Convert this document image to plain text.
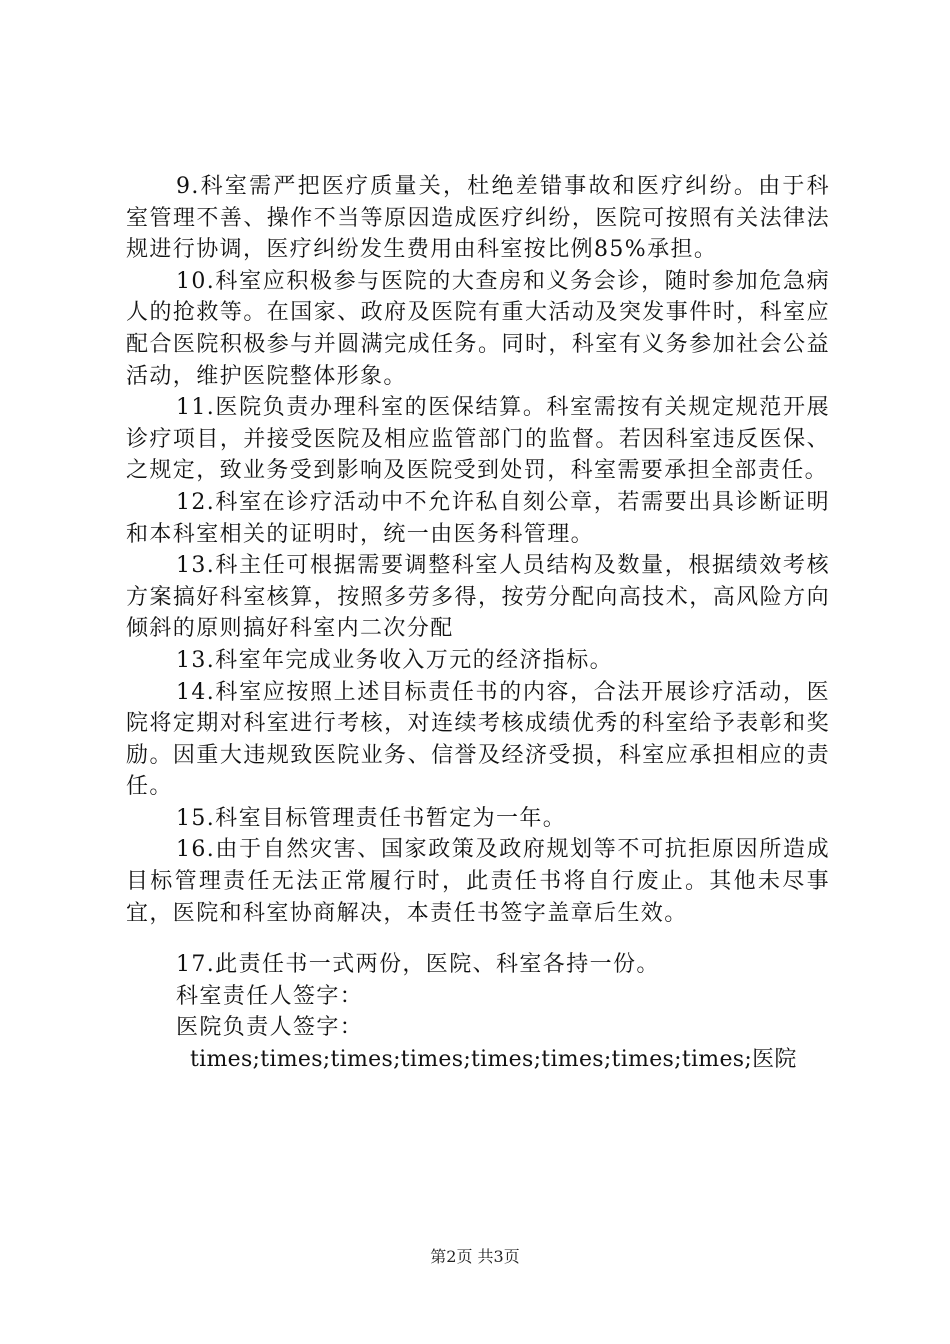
9.科室需严把医疗质量关，杜绝差错事故和医疗纠纷。由于科室管理不善、操作不当等原因造成医疗纠纷，医院可按照有关法律法规进行协调，医疗纠纷发生费用由科室按比例85%承担。

10.科室应积极参与医院的大查房和义务会诊，随时参加危急病人的抢救等。在国家、政府及医院有重大活动及突发事件时，科室应配合医院积极参与并圆满完成任务。同时，科室有义务参加社会公益活动，维护医院整体形象。

11.医院负责办理科室的医保结算。科室需按有关规定规范开展诊疗项目，并接受医院及相应监管部门的监督。若因科室违反医保、之规定，致业务受到影响及医院受到处罚，科室需要承担全部责任。

12.科室在诊疗活动中不允许私自刻公章，若需要出具诊断证明和本科室相关的证明时，统一由医务科管理。

13.科主任可根据需要调整科室人员结构及数量，根据绩效考核方案搞好科室核算，按照多劳多得，按劳分配向高技术，高风险方向倾斜的原则搞好科室内二次分配

13.科室年完成业务收入万元的经济指标。

14.科室应按照上述目标责任书的内容，合法开展诊疗活动，医院将定期对科室进行考核，对连续考核成绩优秀的科室给予表彰和奖励。因重大违规致医院业务、信誉及经济受损，科室应承担相应的责任。

15.科室目标管理责任书暂定为一年。

16.由于自然灾害、国家政策及政府规划等不可抗拒原因所造成目标管理责任无法正常履行时，此责任书将自行废止。其他未尽事宜，医院和科室协商解决，本责任书签字盖章后生效。

17.此责任书一式两份，医院、科室各持一份。

科室责任人签字：

医院负责人签字：

times;times;times;times;times;times;times;times;医院

第2页 共3页
